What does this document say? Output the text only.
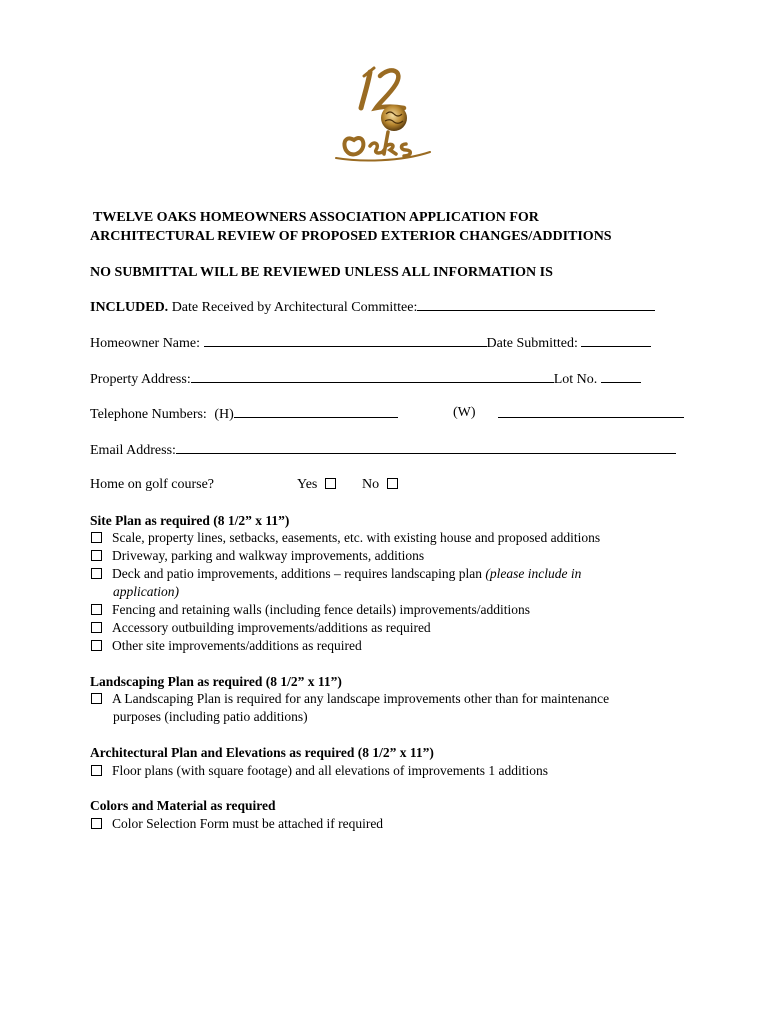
TWELVE OAKS HOMEOWNERS ASSOCIATION APPLICATION FOR
ARCHITECTURAL REVIEW OF PROPOSED EXTERIOR CHANGES/ADDITIONS
NO SUBMITTAL WILL BE REVIEWED UNLESS ALL INFORMATION IS
INCLUDED. Date Received by Architectural Committee:
Homeowner Name:	Date Submitted:
Property Address:	Lot No.
Telephone Numbers: (H)	(W)
Email Address:
Home on golf course?	Yes	No
Site Plan as required (8 1/2” x 11”)
Scale, property lines, setbacks, easements, etc. with existing house and proposed additions
Driveway, parking and walkway improvements, additions
Deck and patio improvements, additions – requires landscaping plan (please include in
application)
Fencing and retaining walls (including fence details) improvements/additions
Accessory outbuilding improvements/additions as required
Other site improvements/additions as required
Landscaping Plan as required (8 1/2” x 11”)
A Landscaping Plan is required for any landscape improvements other than for maintenance
purposes (including patio additions)
Architectural Plan and Elevations as required (8 1/2” x 11”)
Floor plans (with square footage) and all elevations of improvements 1 additions
Colors and Material as required
Color Selection Form must be attached if required
